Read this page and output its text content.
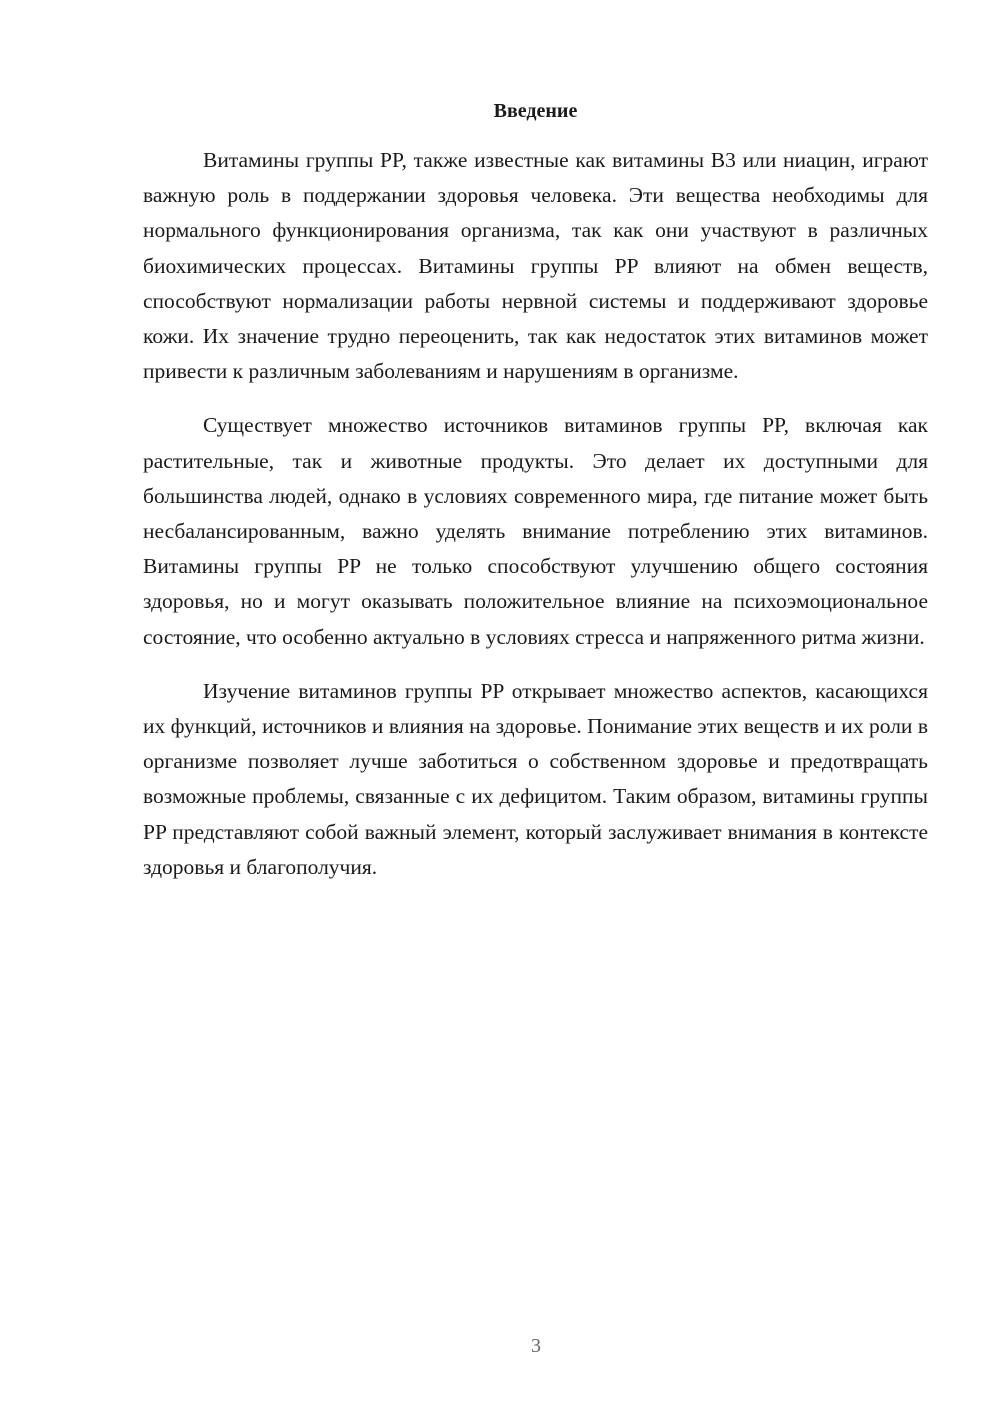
Введение

Витамины группы PP, также известные как витамины B3 или ниацин, играют важную роль в поддержании здоровья человека. Эти вещества необходимы для нормального функционирования организма, так как они участвуют в различных биохимических процессах. Витамины группы PP влияют на обмен веществ, способствуют нормализации работы нервной системы и поддерживают здоровье кожи. Их значение трудно переоценить, так как недостаток этих витаминов может привести к различным заболеваниям и нарушениям в организме.

Существует множество источников витаминов группы PP, включая как растительные, так и животные продукты. Это делает их доступными для большинства людей, однако в условиях современного мира, где питание может быть несбалансированным, важно уделять внимание потреблению этих витаминов. Витамины группы PP не только способствуют улучшению общего состояния здоровья, но и могут оказывать положительное влияние на психоэмоциональное состояние, что особенно актуально в условиях стресса и напряженного ритма жизни.

Изучение витаминов группы PP открывает множество аспектов, касающихся их функций, источников и влияния на здоровье. Понимание этих веществ и их роли в организме позволяет лучше заботиться о собственном здоровье и предотвращать возможные проблемы, связанные с их дефицитом. Таким образом, витамины группы PP представляют собой важный элемент, который заслуживает внимания в контексте здоровья и благополучия.

3
